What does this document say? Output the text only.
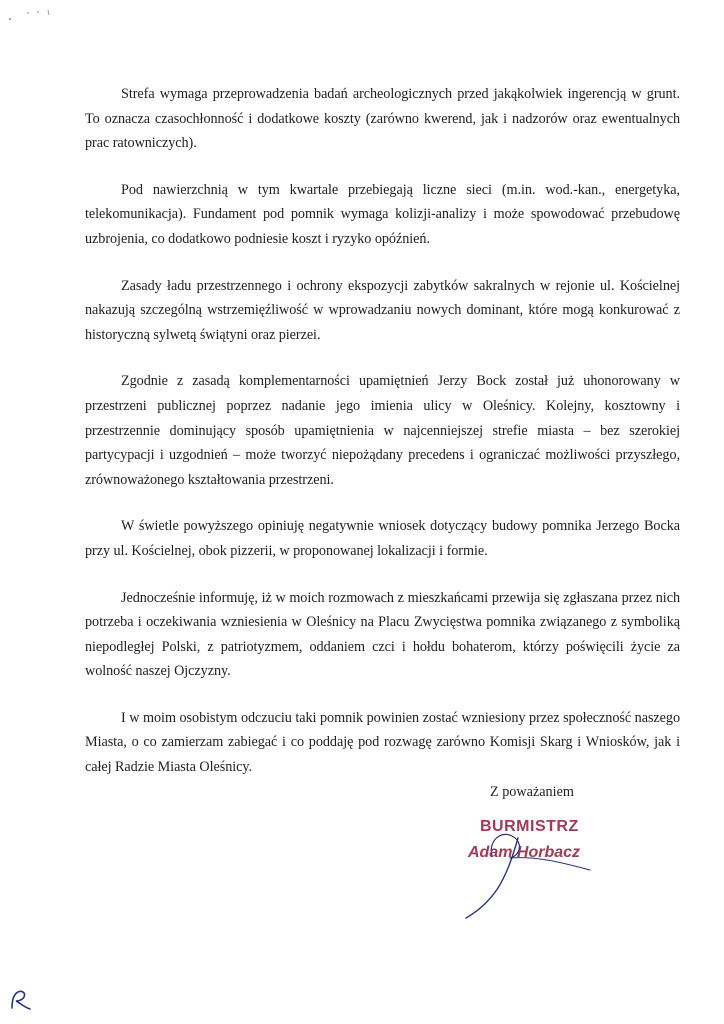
Strefa wymaga przeprowadzenia badań archeologicznych przed jakąkolwiek ingerencją w grunt. To oznacza czasochłonność i dodatkowe koszty (zarówno kwerend, jak i nadzorów oraz ewentualnych prac ratowniczych).

Pod nawierzchnią w tym kwartale przebiegają liczne sieci (m.in. wod.-kan., energetyka, telekomunikacja). Fundament pod pomnik wymaga kolizji-analizy i może spowodować przebudowę uzbrojenia, co dodatkowo podniesie koszt i ryzyko opóźnień.

Zasady ładu przestrzennego i ochrony ekspozycji zabytków sakralnych w rejonie ul. Kościelnej nakazują szczególną wstrzemięźliwość w wprowadzaniu nowych dominant, które mogą konkurować z historyczną sylwetą świątyni oraz pierzei.

Zgodnie z zasadą komplementarności upamiętnień Jerzy Bock został już uhonorowany w przestrzeni publicznej poprzez nadanie jego imienia ulicy w Oleśnicy. Kolejny, kosztowny i przestrzennie dominujący sposób upamiętnienia w najcenniejszej strefie miasta – bez szerokiej partycypacji i uzgodnień – może tworzyć niepożądany precedens i ograniczać możliwości przyszłego, zrównoważonego kształtowania przestrzeni.

W świetle powyższego opiniuję negatywnie wniosek dotyczący budowy pomnika Jerzego Bocka przy ul. Kościelnej, obok pizzerii, w proponowanej lokalizacji i formie.

Jednocześnie informuję, iż w moich rozmowach z mieszkańcami przewija się zgłaszana przez nich potrzeba i oczekiwania wzniesienia w Oleśnicy na Placu Zwycięstwa pomnika związanego z symboliką niepodległej Polski, z patriotyzmem, oddaniem czci i hołdu bohaterom, którzy poświęcili życie za wolność naszej Ojczyzny.

I w moim osobistym odczuciu taki pomnik powinien zostać wzniesiony przez społeczność naszego Miasta, o co zamierzam zabiegać i co poddaję pod rozwagę zarówno Komisji Skarg i Wniosków, jak i całej Radzie Miasta Oleśnicy.

Z poważaniem
BURMISTRZ
Adam Horbacz
